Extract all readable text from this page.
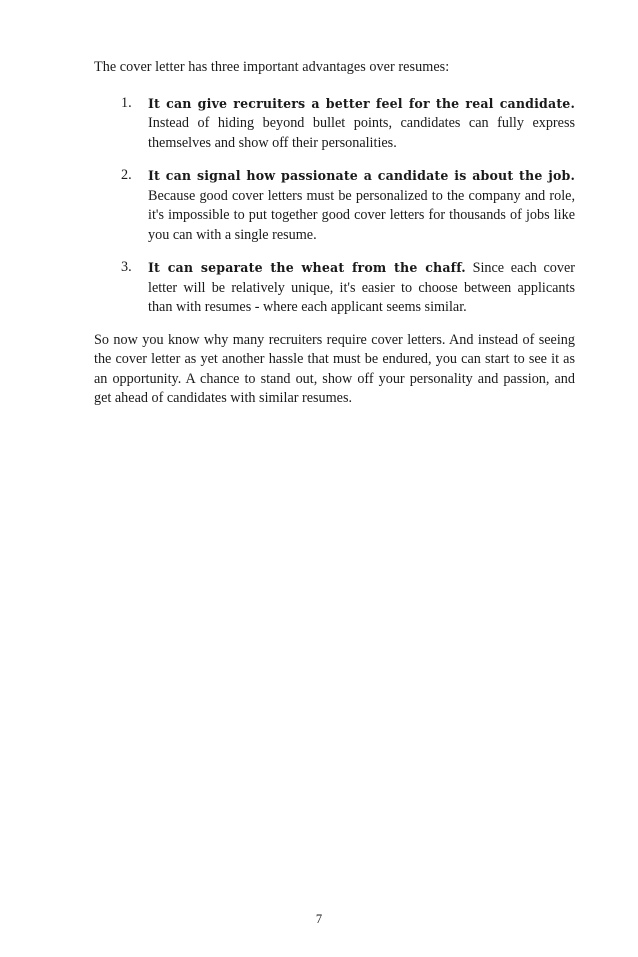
The cover letter has three important advantages over resumes:

1. It can give recruiters a better feel for the real candidate. Instead of hiding beyond bullet points, candidates can fully express themselves and show off their personalities.
2. It can signal how passionate a candidate is about the job. Because good cover letters must be personalized to the company and role, it's impossible to put together good cover letters for thousands of jobs like you can with a single resume.
3. It can separate the wheat from the chaff. Since each cover letter will be relatively unique, it's easier to choose between applicants than with resumes - where each applicant seems similar.

So now you know why many recruiters require cover letters. And instead of seeing the cover letter as yet another hassle that must be endured, you can start to see it as an opportunity. A chance to stand out, show off your personality and passion, and get ahead of candidates with similar resumes.

7
